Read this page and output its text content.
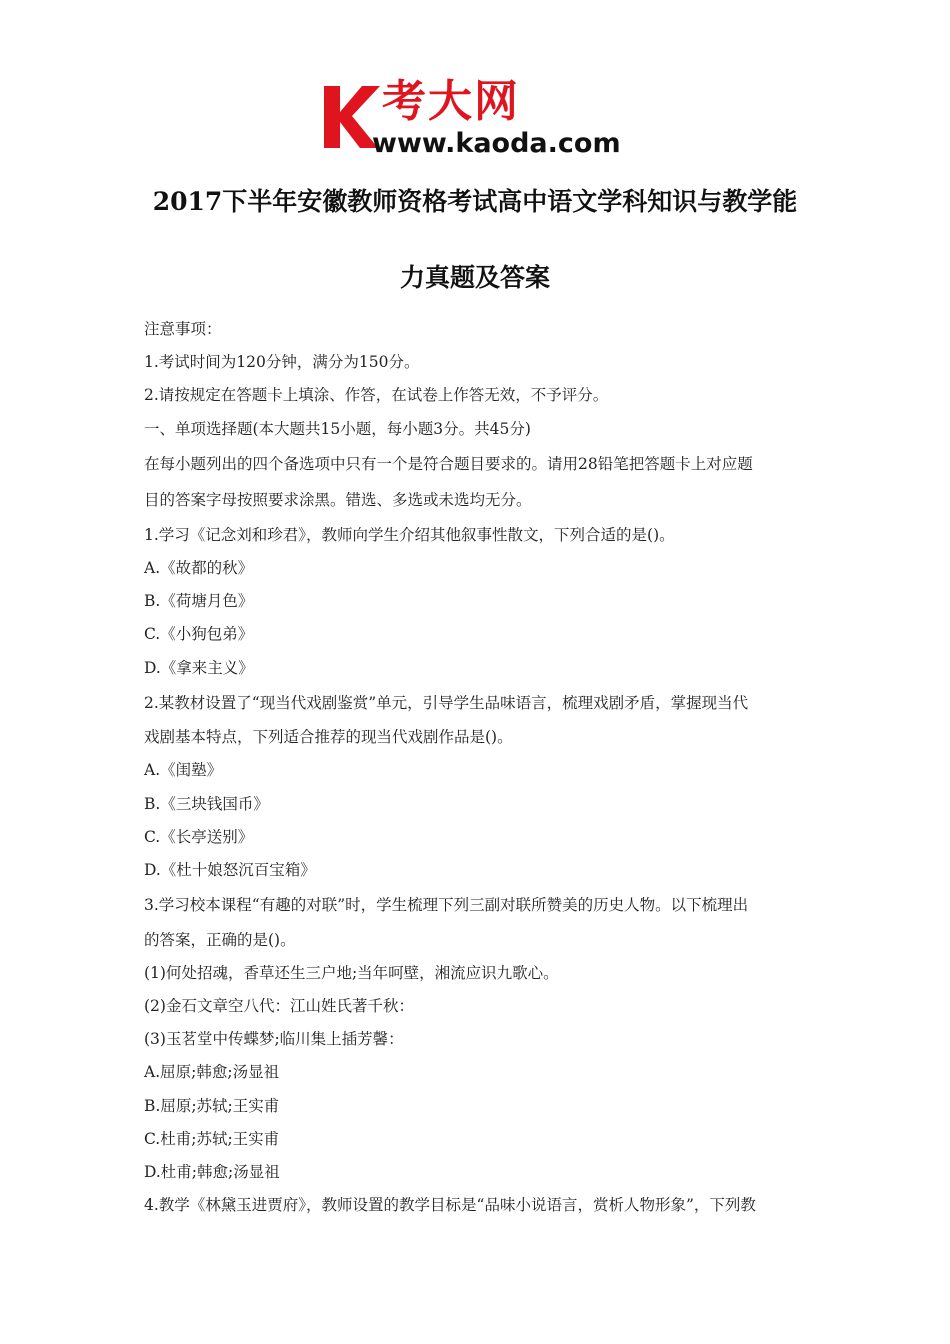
考大网
www.kaoda.com
2017下半年安徽教师资格考试高中语文学科知识与教学能
力真题及答案
注意事项：
1.考试时间为120分钟，满分为150分。
2.请按规定在答题卡上填涂、作答，在试卷上作答无效，不予评分。
一、单项选择题(本大题共15小题，每小题3分。共45分)
在每小题列出的四个备选项中只有一个是符合题目要求的。请用28铅笔把答题卡上对应题
目的答案字母按照要求涂黑。错选、多选或未选均无分。
1.学习《记念刘和珍君》，教师向学生介绍其他叙事性散文，下列合适的是()。
A.《故都的秋》
B.《荷塘月色》
C.《小狗包弟》
D.《拿来主义》
2.某教材设置了“现当代戏剧鉴赏”单元，引导学生品味语言，梳理戏剧矛盾，掌握现当代
戏剧基本特点，下列适合推荐的现当代戏剧作品是()。
A.《闺塾》
B.《三块钱国币》
C.《长亭送别》
D.《杜十娘怒沉百宝箱》
3.学习校本课程“有趣的对联”时，学生梳理下列三副对联所赞美的历史人物。以下梳理出
的答案，正确的是()。
(1)何处招魂，香草还生三户地;当年呵壁，湘流应识九歌心。
(2)金石文章空八代：江山姓氏著千秋：
(3)玉茗堂中传蝶梦;临川集上插芳馨：
A.屈原;韩愈;汤显祖
B.屈原;苏轼;王实甫
C.杜甫;苏轼;王实甫
D.杜甫;韩愈;汤显祖
4.教学《林黛玉进贾府》，教师设置的教学目标是“品味小说语言，赏析人物形象”，下列教
